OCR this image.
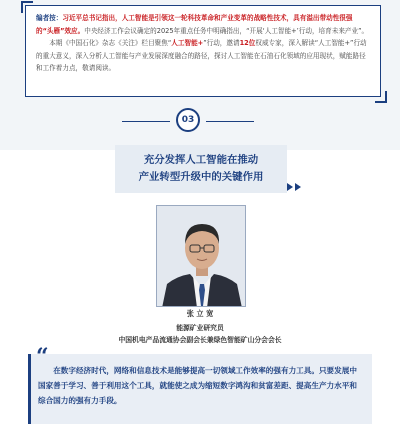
编者按：习近平总书记指出，人工智能是引领这一轮科技革命和产业变革的战略性技术，具有溢出带动性很强的“头雁”效应。中央经济工作会议确定的2025年重点任务中明确指出，“开展‘人工智能+’行动，培育未来产业”。

本期《中国石化》杂志《关注》栏目聚焦“人工智能+”行动，邀请12位权威专家，深入解读“人工智能+”行动的重大意义，深入分析人工智能与产业发展深度融合的路径，探讨人工智能在石油石化领域的应用现状，赋能路径和工作着力点，敬请阅读。

03
充分发挥人工智能在推动
产业转型升级中的关键作用
张 立 宽
能源矿业研究员
中国机电产品流通协会副会长兼绿色智能矿山分会会长
在数字经济时代，网络和信息技术是能够提高一切领域工作效率的强有力工具。只要发展中国家善于学习、善于利用这个工具，就能使之成为缩短数字鸿沟和贫富差距、提高生产力水平和综合国力的强有力手段。
“
